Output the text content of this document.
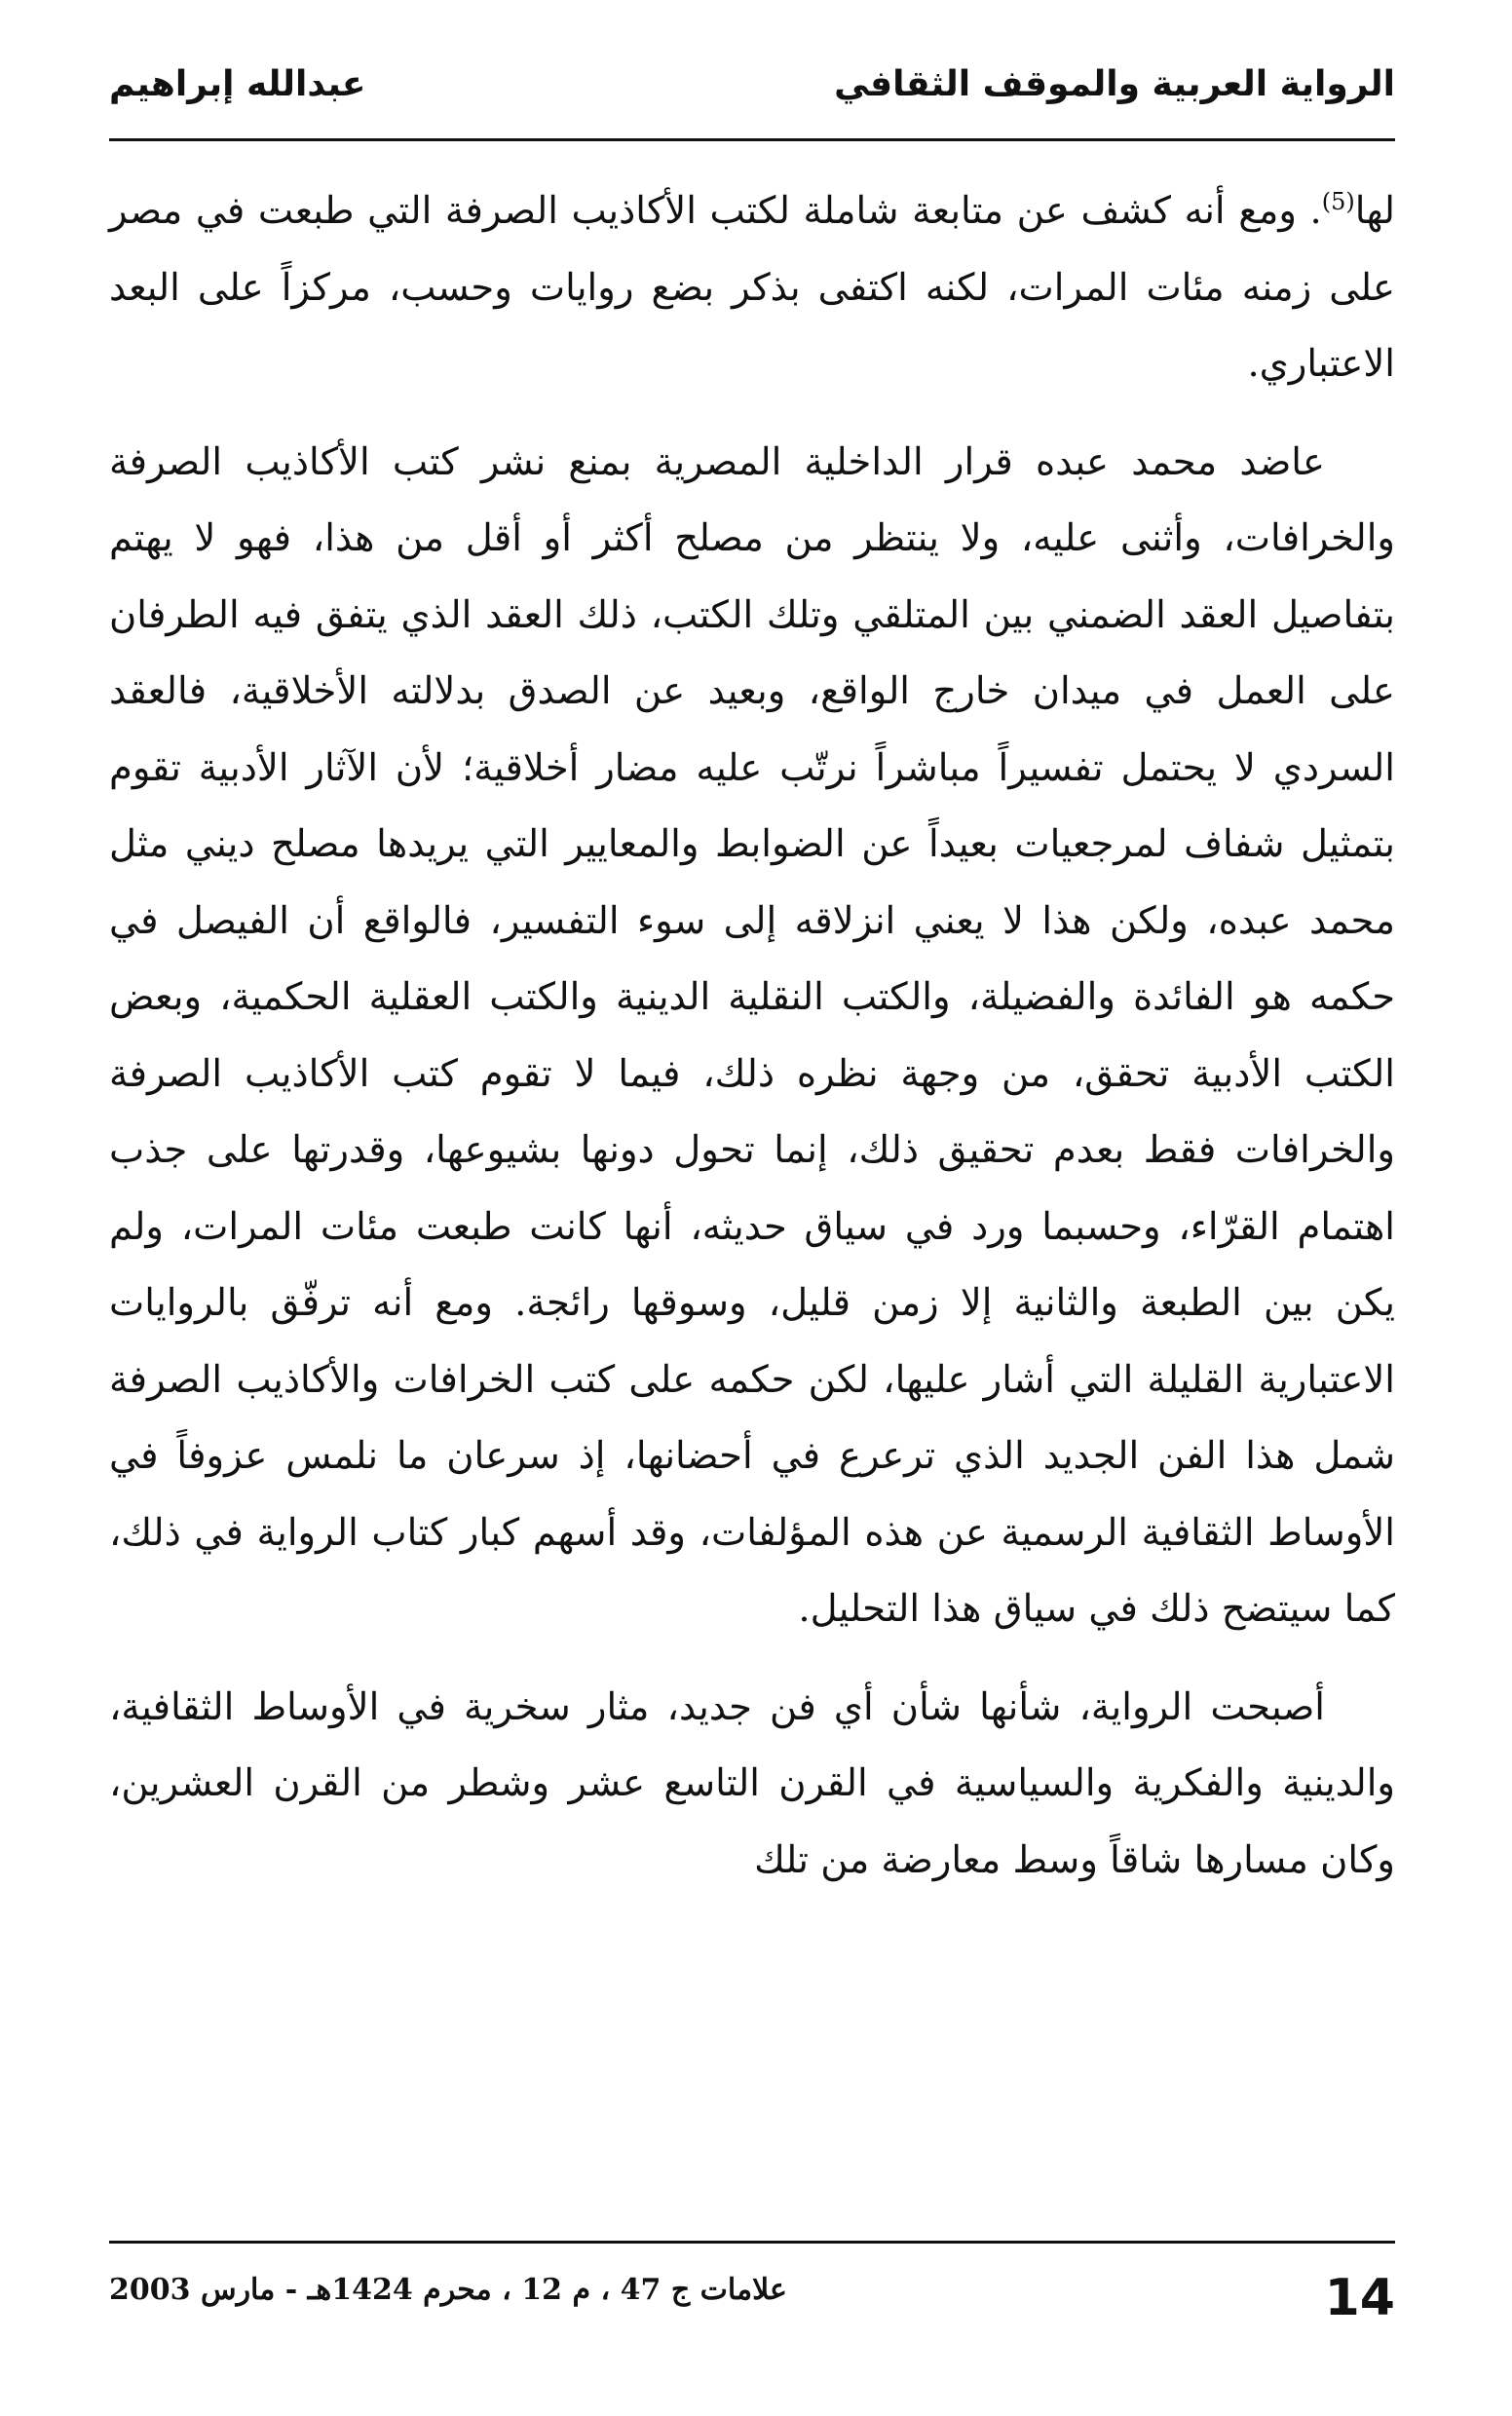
الرواية العربية والموقف الثقافي
عبدالله إبراهيم

لها$^{(5)}$. ومع أنه كشف عن متابعة شاملة لكتب الأكاذيب الصرفة التي طبعت في مصر على زمنه مئات المرات، لكنه اكتفى بذكر بضع روايات وحسب، مركزاً على البعد الاعتباري.

عاضد محمد عبده قرار الداخلية المصرية بمنع نشر كتب الأكاذيب الصرفة والخرافات، وأثنى عليه، ولا ينتظر من مصلح أكثر أو أقل من هذا، فهو لا يهتم بتفاصيل العقد الضمني بين المتلقي وتلك الكتب، ذلك العقد الذي يتفق فيه الطرفان على العمل في ميدان خارج الواقع، وبعيد عن الصدق بدلالته الأخلاقية، فالعقد السردي لا يحتمل تفسيراً مباشراً نرتّب عليه مضار أخلاقية؛ لأن الآثار الأدبية تقوم بتمثيل شفاف لمرجعيات بعيداً عن الضوابط والمعايير التي يريدها مصلح ديني مثل محمد عبده، ولكن هذا لا يعني انزلاقه إلى سوء التفسير، فالواقع أن الفيصل في حكمه هو الفائدة والفضيلة، والكتب النقلية الدينية والكتب العقلية الحكمية، وبعض الكتب الأدبية تحقق، من وجهة نظره ذلك، فيما لا تقوم كتب الأكاذيب الصرفة والخرافات فقط بعدم تحقيق ذلك، إنما تحول دونها بشيوعها، وقدرتها على جذب اهتمام القرّاء، وحسبما ورد في سياق حديثه، أنها كانت طبعت مئات المرات، ولم يكن بين الطبعة والثانية إلا زمن قليل، وسوقها رائجة. ومع أنه ترفّق بالروايات الاعتبارية القليلة التي أشار عليها، لكن حكمه على كتب الخرافات والأكاذيب الصرفة شمل هذا الفن الجديد الذي ترعرع في أحضانها، إذ سرعان ما نلمس عزوفاً في الأوساط الثقافية الرسمية عن هذه المؤلفات، وقد أسهم كبار كتاب الرواية في ذلك، كما سيتضح ذلك في سياق هذا التحليل.

أصبحت الرواية، شأنها شأن أي فن جديد، مثار سخرية في الأوساط الثقافية، والدينية والفكرية والسياسية في القرن التاسع عشر وشطر من القرن العشرين، وكان مسارها شاقاً وسط معارضة من تلك

14
علامات ج 47 ، م 12 ، محرم 1424هـ - مارس 2003
